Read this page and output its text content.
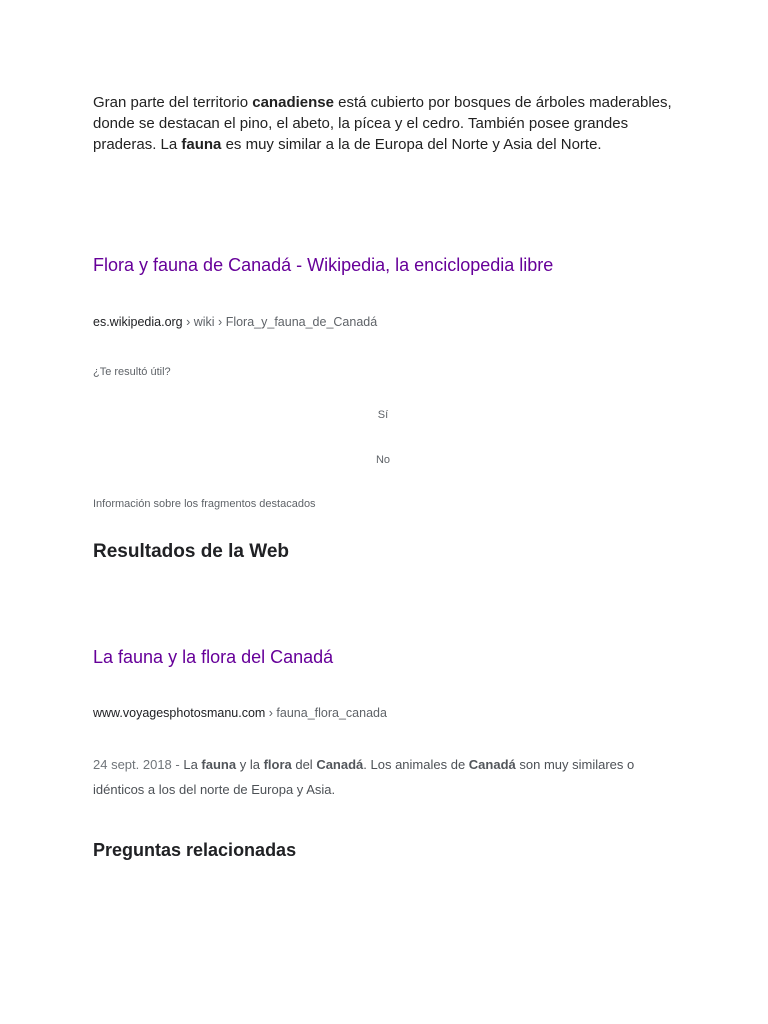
Gran parte del territorio canadiense está cubierto por bosques de árboles maderables, donde se destacan el pino, el abeto, la pícea y el cedro. También posee grandes praderas. La fauna es muy similar a la de Europa del Norte y Asia del Norte.

Flora y fauna de Canadá - Wikipedia, la enciclopedia libre
es.wikipedia.org › wiki › Flora_y_fauna_de_Canadá
¿Te resultó útil?
Sí
No
Información sobre los fragmentos destacados
Resultados de la Web
La fauna y la flora del Canadá
www.voyagesphotosmanu.com › fauna_flora_canada

24 sept. 2018 - La fauna y la flora del Canadá. Los animales de Canadá son muy similares o idénticos a los del norte de Europa y Asia.

Preguntas relacionadas
